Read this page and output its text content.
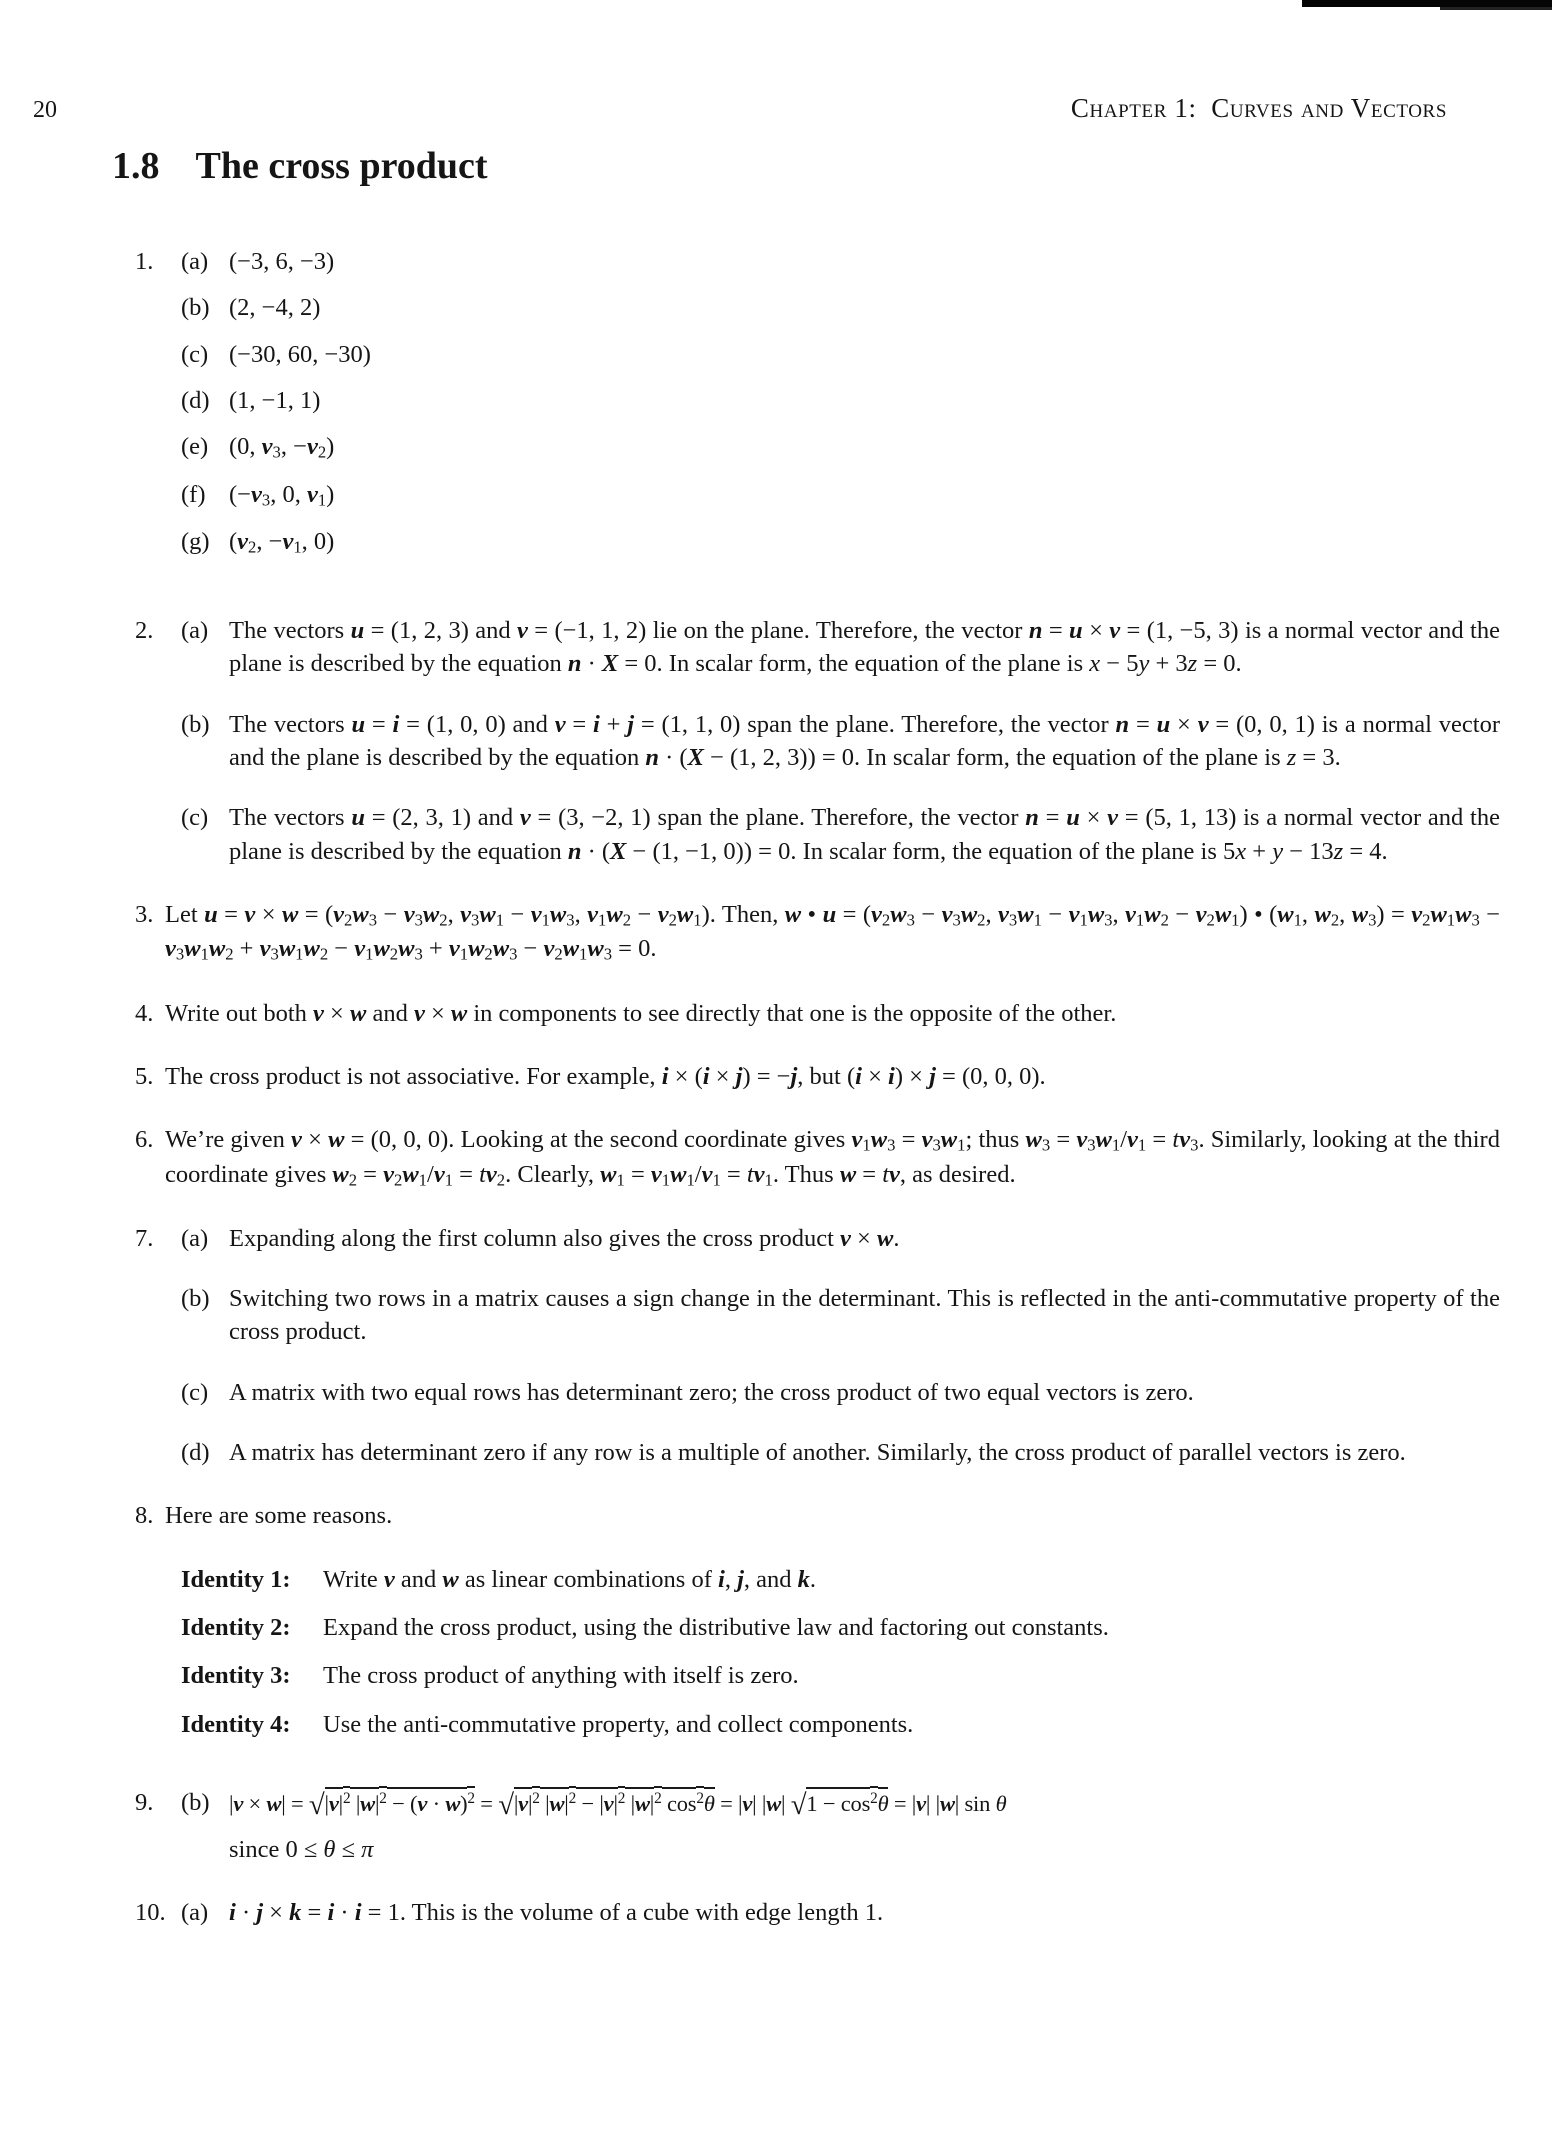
20	Chapter 1:  Curves and Vectors
1.8 The cross product
1.	(a) (−3, 6, −3)
(b) (2, −4, 2)
(c) (−30, 60, −30)
(d) (1, −1, 1)
(e) (0, v3, −v2)
(f) (−v3, 0, v1)
(g) (v2, −v1, 0)
2.	(a) The vectors u = (1, 2, 3) and v = (−1, 1, 2) lie on the plane. Therefore, the vector n = u × v = (1, −5, 3) is a normal vector and the plane is described by the equation n · X = 0. In scalar form, the equation of the plane is x − 5y + 3z = 0.
(b) The vectors u = i = (1, 0, 0) and v = i + j = (1, 1, 0) span the plane. Therefore, the vector n = u × v = (0, 0, 1) is a normal vector and the plane is described by the equation n · (X − (1, 2, 3)) = 0. In scalar form, the equation of the plane is z = 3.
(c) The vectors u = (2, 3, 1) and v = (3, −2, 1) span the plane. Therefore, the vector n = u × v = (5, 1, 13) is a normal vector and the plane is described by the equation n · (X − (1, −1, 0)) = 0. In scalar form, the equation of the plane is 5x + y − 13z = 4.
3. Let u = v × w = (v2w3 − v3w2, v3w1 − v1w3, v1w2 − v2w1). Then, w • u = (v2w3 − v3w2, v3w1 − v1w3, v1w2 − v2w1) • (w1, w2, w3) = v2w1w3 − v3w1w2 + v3w1w2 − v1w2w3 + v1w2w3 − v2w1w3 = 0.
4. Write out both v × w and v × w in components to see directly that one is the opposite of the other.
5. The cross product is not associative. For example, i × (i × j) = −j, but (i × i) × j = (0, 0, 0).
6. We’re given v × w = (0, 0, 0). Looking at the second coordinate gives v1w3 = v3w1; thus w3 = v3w1/v1 = tv3. Similarly, looking at the third coordinate gives w2 = v2w1/v1 = tv2. Clearly, w1 = v1w1/v1 = tv1. Thus w = tv, as desired.
7.	(a) Expanding along the first column also gives the cross product v × w.
(b) Switching two rows in a matrix causes a sign change in the determinant. This is reflected in the anti-commutative property of the cross product.
(c) A matrix with two equal rows has determinant zero; the cross product of two equal vectors is zero.
(d) A matrix has determinant zero if any row is a multiple of another. Similarly, the cross product of parallel vectors is zero.
8. Here are some reasons.
Identity 1:	Write v and w as linear combinations of i, j, and k.
Identity 2:	Expand the cross product, using the distributive law and factoring out constants.
Identity 3:	The cross product of anything with itself is zero.
Identity 4:	Use the anti-commutative property, and collect components.
9.	(b) $|v \times w| = √|v|^2$ $|w|^2 - (v \cdot w)^2 = √|v|^2$ $|w|^2 - |v|^2$ $|w|^2$ $\cos^2\theta = |v|$ |w| $√1 - \cos^2\theta = |v|$ |w| sin θ
since 0 ≤ θ ≤ π
10. (a) i · j × k = i · i = 1. This is the volume of a cube with edge length 1.
